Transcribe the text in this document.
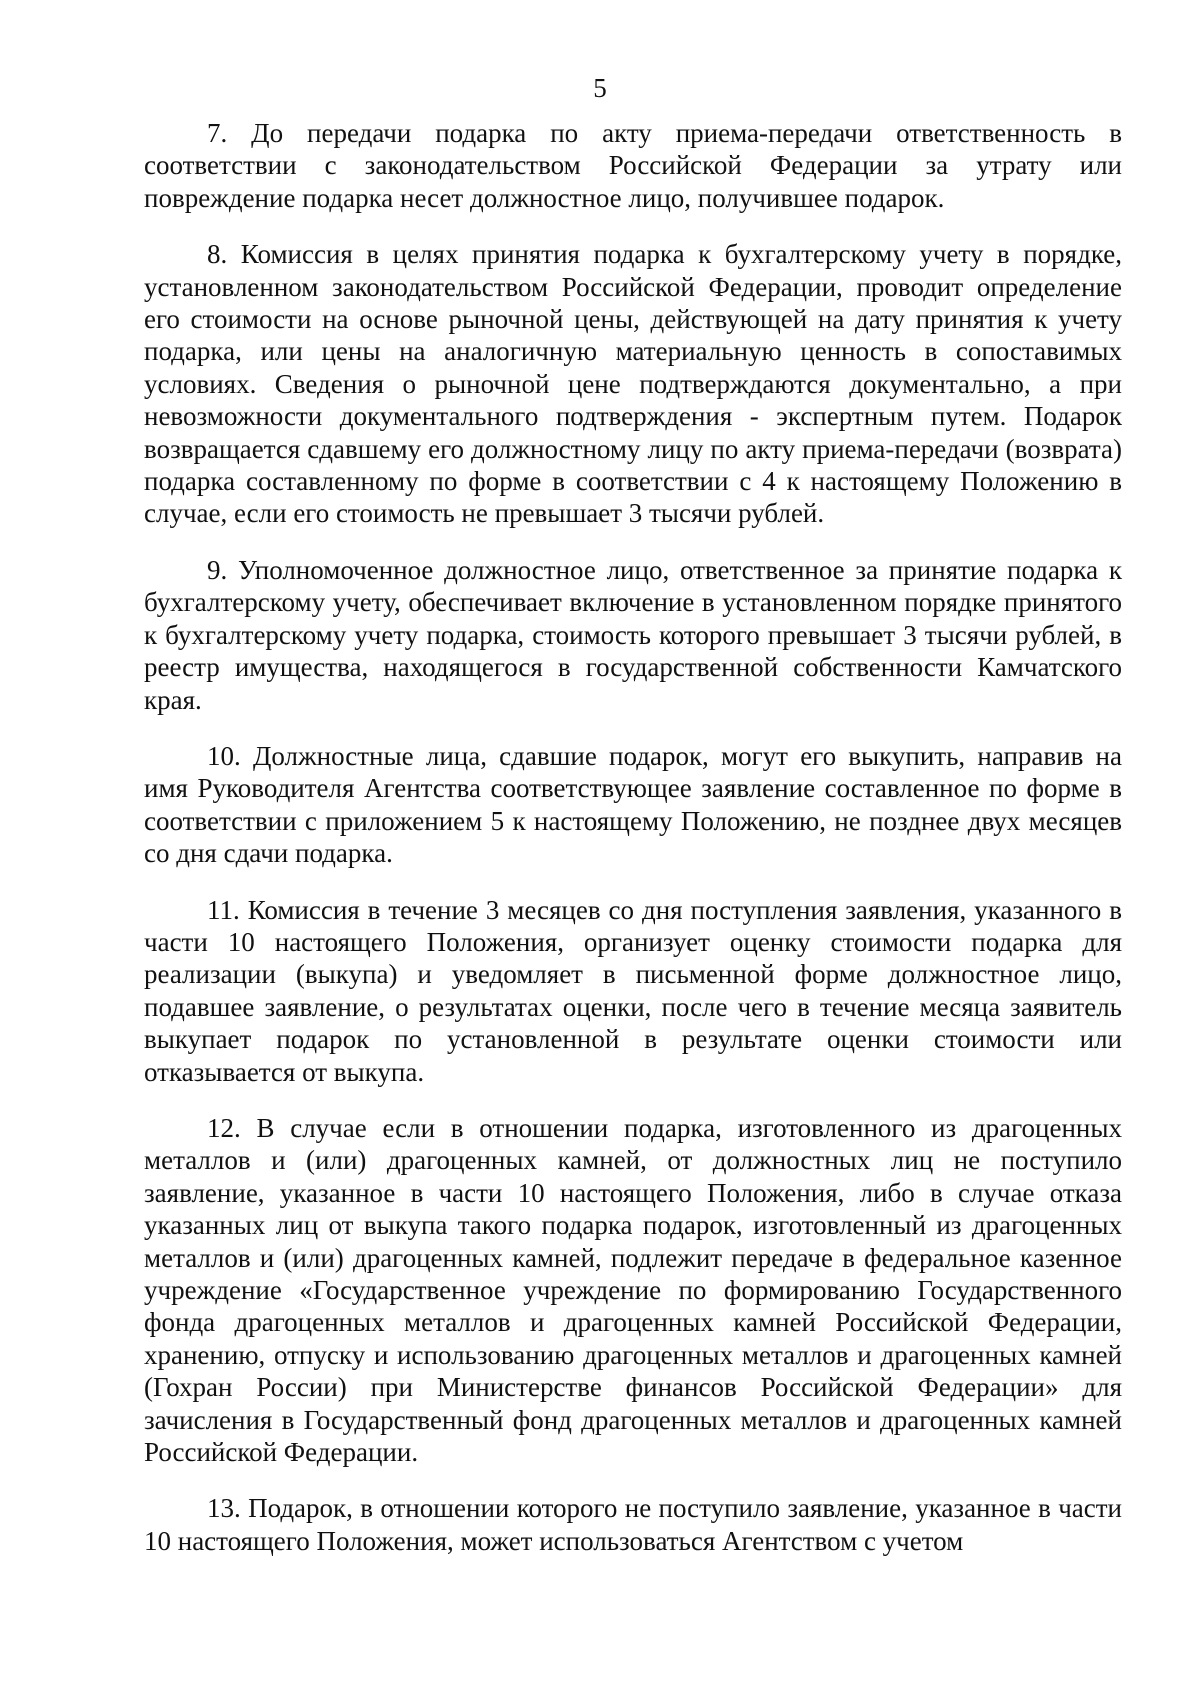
5

7. До передачи подарка по акту приема-передачи ответственность в соответствии с законодательством Российской Федерации за утрату или повреждение подарка несет должностное лицо, получившее подарок.

8. Комиссия в целях принятия подарка к бухгалтерскому учету в порядке, установленном законодательством Российской Федерации, проводит определение его стоимости на основе рыночной цены, действующей на дату принятия к учету подарка, или цены на аналогичную материальную ценность в сопоставимых условиях. Сведения о рыночной цене подтверждаются документально, а при невозможности документального подтверждения - экспертным путем. Подарок возвращается сдавшему его должностному лицу по акту приема-передачи (возврата) подарка составленному по форме в соответствии с 4 к настоящему Положению в случае, если его стоимость не превышает 3 тысячи рублей.

9. Уполномоченное должностное лицо, ответственное за принятие подарка к бухгалтерскому учету, обеспечивает включение в установленном порядке принятого к бухгалтерскому учету подарка, стоимость которого превышает 3 тысячи рублей, в реестр имущества, находящегося в государственной собственности Камчатского края.

10. Должностные лица, сдавшие подарок, могут его выкупить, направив на имя Руководителя Агентства соответствующее заявление составленное по форме в соответствии с приложением 5 к настоящему Положению, не позднее двух месяцев со дня сдачи подарка.

11. Комиссия в течение 3 месяцев со дня поступления заявления, указанного в части 10 настоящего Положения, организует оценку стоимости подарка для реализации (выкупа) и уведомляет в письменной форме должностное лицо, подавшее заявление, о результатах оценки, после чего в течение месяца заявитель выкупает подарок по установленной в результате оценки стоимости или отказывается от выкупа.

12. В случае если в отношении подарка, изготовленного из драгоценных металлов и (или) драгоценных камней, от должностных лиц не поступило заявление, указанное в части 10 настоящего Положения, либо в случае отказа указанных лиц от выкупа такого подарка подарок, изготовленный из драгоценных металлов и (или) драгоценных камней, подлежит передаче в федеральное казенное учреждение «Государственное учреждение по формированию Государственного фонда драгоценных металлов и драгоценных камней Российской Федерации, хранению, отпуску и использованию драгоценных металлов и драгоценных камней (Гохран России) при Министерстве финансов Российской Федерации» для зачисления в Государственный фонд драгоценных металлов и драгоценных камней Российской Федерации.

13. Подарок, в отношении которого не поступило заявление, указанное в части 10 настоящего Положения, может использоваться Агентством с учетом
